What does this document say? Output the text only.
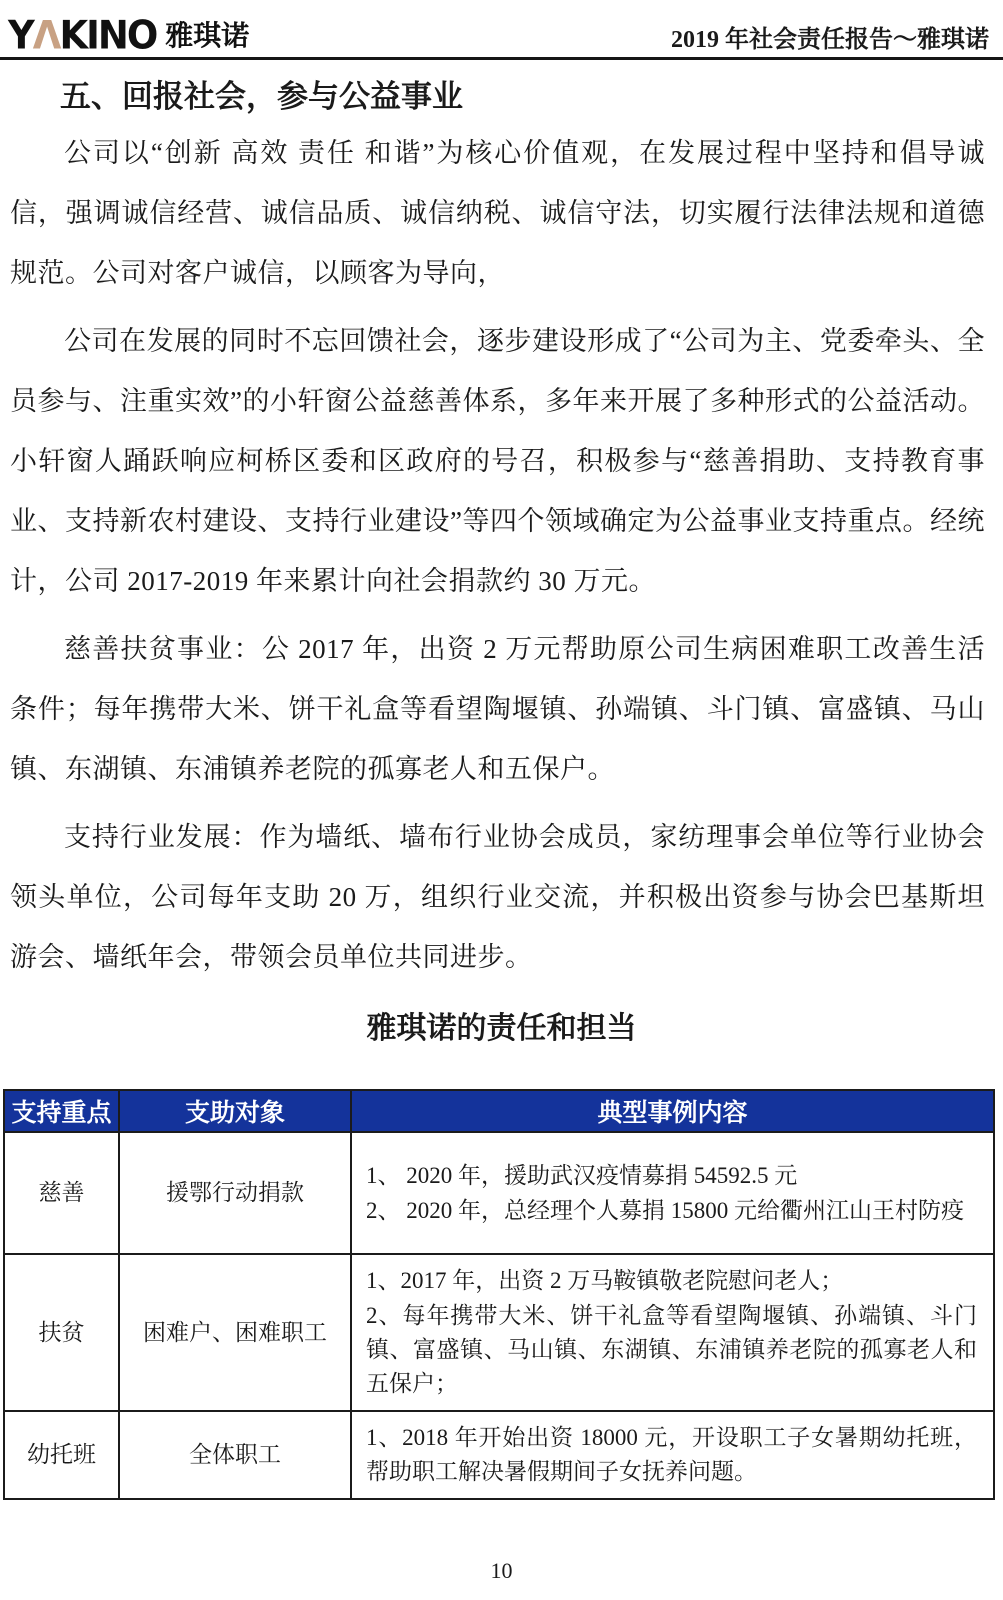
YΛKINO 雅琪诺	2019 年社会责任报告～雅琪诺
五、回报社会，参与公益事业

公司以“创新 高效 责任 和谐”为核心价值观，在发展过程中坚持和倡导诚信，强调诚信经营、诚信品质、诚信纳税、诚信守法，切实履行法律法规和道德规范。公司对客户诚信，以顾客为导向，

公司在发展的同时不忘回馈社会，逐步建设形成了“公司为主、党委牵头、全员参与、注重实效”的小轩窗公益慈善体系，多年来开展了多种形式的公益活动。小轩窗人踊跃响应柯桥区委和区政府的号召，积极参与“慈善捐助、支持教育事业、支持新农村建设、支持行业建设”等四个领域确定为公益事业支持重点。经统计，公司 2017-2019 年来累计向社会捐款约 30 万元。

慈善扶贫事业：公 2017 年，出资 2 万元帮助原公司生病困难职工改善生活条件；每年携带大米、饼干礼盒等看望陶堰镇、孙端镇、斗门镇、富盛镇、马山镇、东湖镇、东浦镇养老院的孤寡老人和五保户。

支持行业发展：作为墙纸、墙布行业协会成员，家纺理事会单位等行业协会领头单位，公司每年支助 20 万，组织行业交流，并积极出资参与协会巴基斯坦游会、墙纸年会，带领会员单位共同进步。

雅琪诺的责任和担当
支持重点	支助对象	典型事例内容
慈善	援鄂行动捐款	1、 2020 年，援助武汉疫情募捐 54592.5 元
2、 2020 年，总经理个人募捐 15800 元给衢州江山王村防疫

扶贫	困难户、困难职工	1、2017 年，出资 2 万马鞍镇敬老院慰问老人；
2、每年携带大米、饼干礼盒等看望陶堰镇、孙端镇、斗门镇、富盛镇、马山镇、东湖镇、东浦镇养老院的孤寡老人和五保户；

幼托班	全体职工	1、2018 年开始出资 18000 元，开设职工子女暑期幼托班，帮助职工解决暑假期间子女抚养问题。
10
